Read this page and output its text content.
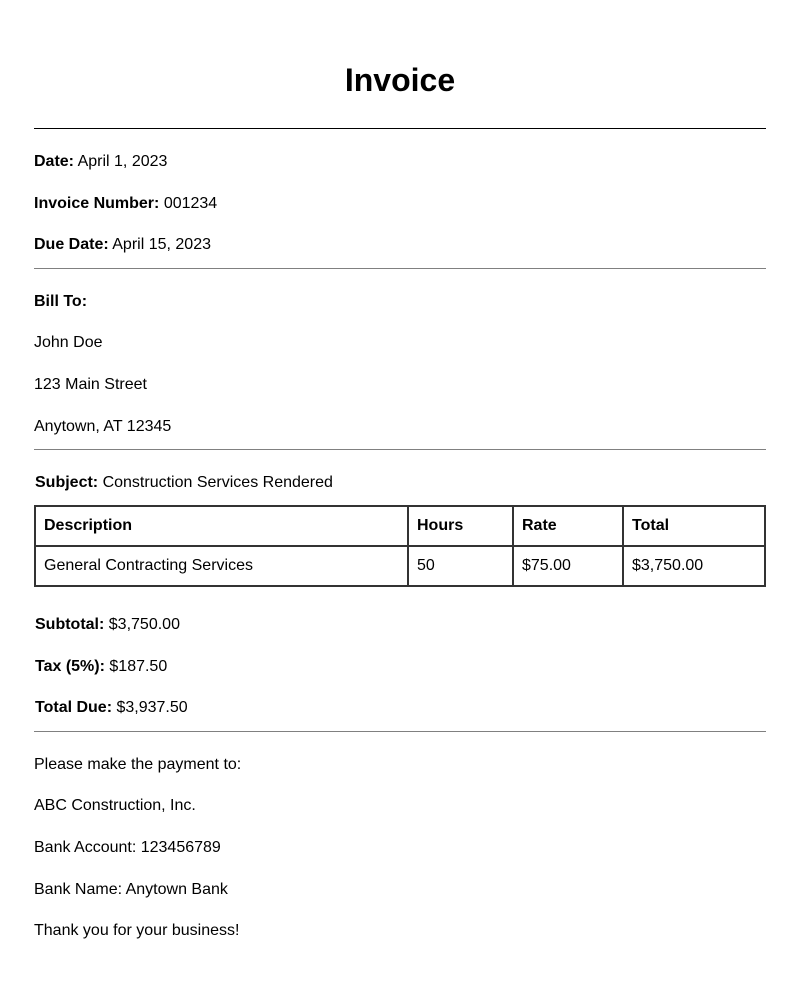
Invoice
Date: April 1, 2023
Invoice Number: 001234
Due Date: April 15, 2023
Bill To:
John Doe
123 Main Street
Anytown, AT 12345
Subject: Construction Services Rendered
Description	Hours	Rate	Total
General Contracting Services	50	$75.00	$3,750.00
Subtotal: $3,750.00
Tax (5%): $187.50
Total Due: $3,937.50
Please make the payment to:
ABC Construction, Inc.
Bank Account: 123456789
Bank Name: Anytown Bank
Thank you for your business!
